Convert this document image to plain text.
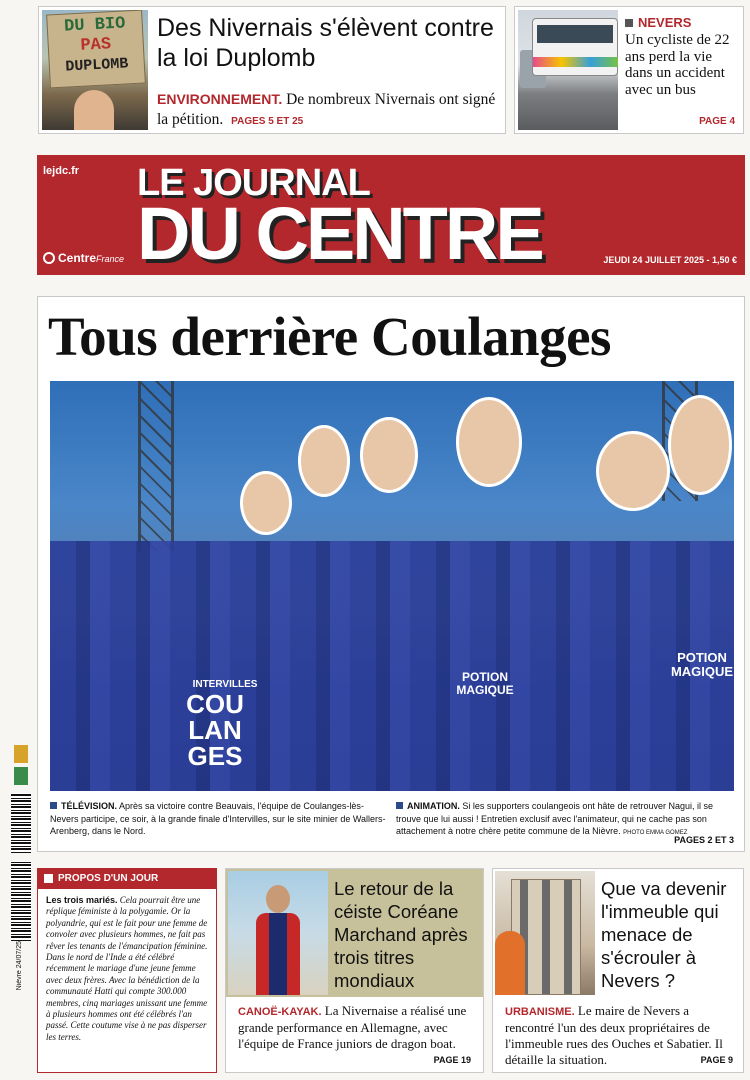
DU BIO
PAS
DUPLOMB
Des Nivernais s'élèvent contre la loi Duplomb
ENVIRONNEMENT. De nombreux Nivernais ont signé la pétition. PAGES 5 ET 25
NEVERS
Un cycliste de 22 ans perd la vie dans un accident avec un bus
PAGE 4
lejdc.fr LE JOURNAL
DU CENTRE
CentreFrance	JEUDI 24 JUILLET 2025 - 1,50 €
Tous derrière Coulanges
INTERVILLES
COU
LAN
GES
POTION MAGIQUE
POTION MAGIQUE
TÉLÉVISION. Après sa victoire contre Beauvais, l'équipe de Coulanges-lès-Nevers participe, ce soir, à la grande finale d'Intervilles, sur le site minier de Wallers-Arenberg, dans le Nord.
ANIMATION. Si les supporters coulangeois ont hâte de retrouver Nagui, il se trouve que lui aussi ! Entretien exclusif avec l'animateur, qui ne cache pas son attachement à notre chère petite commune de la Nièvre. PHOTO EMMA GOMEZ
PAGES 2 ET 3
Nièvre 24/07/25
PROPOS D'UN JOUR
Les trois mariés. Cela pourrait être une réplique féministe à la polygamie. Or la polyandrie, qui est le fait pour une femme de convoler avec plusieurs hommes, ne fait pas rêver les tenants de l'émancipation féminine. Dans le nord de l'Inde a été célébré récemment le mariage d'une jeune femme avec deux frères. Avec la bénédiction de la communauté Hatti qui compte 300.000 membres, cinq mariages unissant une femme à plusieurs hommes ont été célébrés l'an passé. Cette coutume vise à ne pas disperser les terres.
Le retour de la céiste Coréane Marchand après trois titres mondiaux
CANOË-KAYAK. La Nivernaise a réalisé une grande performance en Allemagne, avec l'équipe de France juniors de dragon boat.
PAGE 19
Que va devenir l'immeuble qui menace de s'écrouler à Nevers ?
URBANISME. Le maire de Nevers a rencontré l'un des deux propriétaires de l'immeuble rues des Ouches et Sabatier. Il détaille la situation.	PAGE 9
